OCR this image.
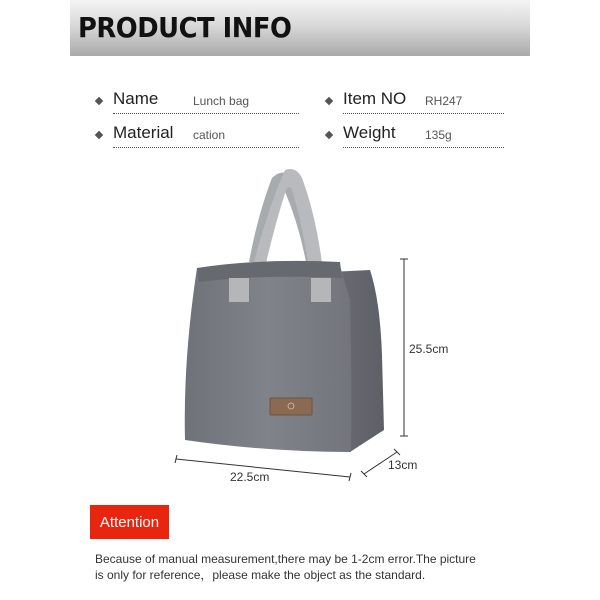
PRODUCT INFO
Name	Lunch bag	Item NO RH247
Material cation	Weight 135g
25.5cm
22.5cm
13cm
Attention
Because of manual measurement,there may be 1-2cm error.The picture
is only for reference，please make the object as the standard.
